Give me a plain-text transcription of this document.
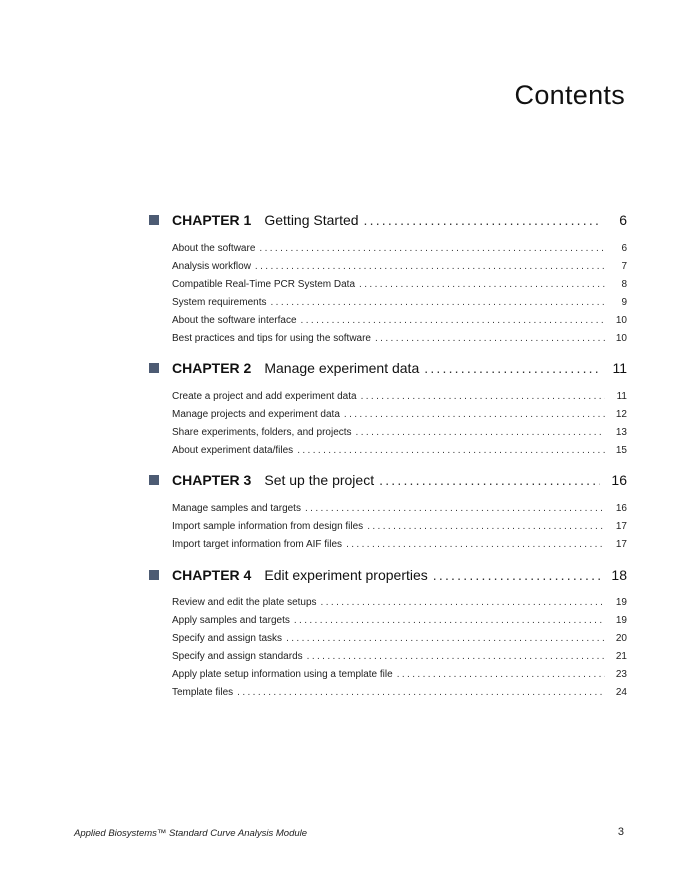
Contents
CHAPTER 1 Getting Started .....	6
About the software .....	6
Analysis workflow .....	7
Compatible Real-Time PCR System Data .....	8
System requirements .....	9
About the software interface .....	10
Best practices and tips for using the software .....	10
CHAPTER 2 Manage experiment data .....	11
Create a project and add experiment data .....	11
Manage projects and experiment data .....	12
Share experiments, folders, and projects .....	13
About experiment data/files .....	15
CHAPTER 3 Set up the project .....	16
Manage samples and targets .....	16
Import sample information from design files .....	17
Import target information from AIF files .....	17
CHAPTER 4 Edit experiment properties .....	18
Review and edit the plate setups .....	19
Apply samples and targets .....	19
Specify and assign tasks .....	20
Specify and assign standards .....	21
Apply plate setup information using a template file .....	23
Template files .....	24
Applied Biosystems™ Standard Curve Analysis Module	3
